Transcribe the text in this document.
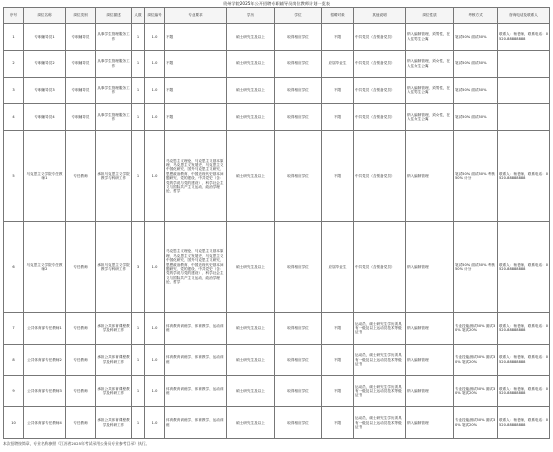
贵州学院2025年公开招聘专职辅导员岗位教师计划一览表
序号	岗位名称	岗位类别	岗位描述	人数	岗位编号	专业要求	学历	学位	招聘对象	其他说明	岗位性质	考核方式	咨询电话及联系人
1	专职辅导员1	专职辅导员	从事学生管理服务工作	1	1.0	不限	硕士研究生及以上	取得相应学位	不限	中共党员（含预备党员）	纳入编制管理，须男性，在入住男生公寓	笔试50% 面试50%	联系人：杨老师，联系电话：0520-88888888
2	专职辅导员2	专职辅导员	从事学生管理服务工作	1	1.0	不限	硕士研究生及以上	取得相应学位	应届毕业生	中共党员（含预备党员）	纳入编制管理，须女性，在入住女生公寓	笔试50% 面试50%	
3	专职辅导员3	专职辅导员	从事学生管理服务工作	1	1.0	不限	硕士研究生及以上	取得相应学位	不限	中共党员（含预备党员）	纳入编制管理，须男性，在入住男生公寓	笔试50% 面试50%	
4	专职辅导员4	专职辅导员	从事学生管理服务工作	1	1.0	不限	硕士研究生及以上	取得相应学位	不限	中共党员（含预备党员）	纳入编制管理，须女性，在入住女生公寓	笔试50% 面试50%	
5	马克思主义学院专任教师1	专任教师	承担马克思主义学院教学与科研工作	1	1.0	马克思主义理论、马克思主义基本原理、马克思主义发展史、马克思主义中国化研究、国外马克思主义研究、思想政治教育、中国近现代史基本问题研究、党的建设、中共党史（含：党的学说与党的建设）、科学社会主义与国际共产主义运动、政治学理论、哲学	硕士研究生及以上	取得相应学位	不限	中共党员（含预备党员）	纳入编制管理	笔试50% 面试50% 考核50% 计分	联系人：杨老师，联系电话：0520-88888888
6	马克思主义学院专任教师2	专任教师	承担马克思主义学院教学与科研工作	3	1.0	马克思主义理论、马克思主义基本原理、马克思主义发展史、马克思主义中国化研究、国外马克思主义研究、思想政治教育、中国近现代史基本问题研究、党的建设、中共党史（含：党的学说与党的建设）、科学社会主义与国际共产主义运动、政治学理论、哲学	硕士研究生及以上	取得相应学位	应届毕业生	中共党员（含预备党员）	纳入编制管理	笔试50% 面试50% 考核50% 计分	联系人：杨老师，联系电话：0520-88888888
7	公共体育部专任教师1	专任教师	承担公共体育课程教学及科研工作	1	1.0	体育教育训练学、体育教学、运动训练	硕士研究生及以上	取得相应学位	不限	运动员，硕士研究生学历须具有一级及以上运动员技术等级证书	纳入编制管理	专业技能测试50% 面试30% 笔试20%	联系人：杨老师，联系电话：0520-88888888
8	公共体育部专任教师2	专任教师	承担公共体育课程教学及科研工作	1	1.0	体育教育训练学、体育教学、运动训练	硕士研究生及以上	取得相应学位	不限	运动员，硕士研究生学历须具有一级及以上运动员技术等级证书	纳入编制管理	专业技能测试50% 面试30% 笔试20%	联系人：杨老师，联系电话：0520-88888888
9	公共体育部专任教师3	专任教师	承担公共体育课程教学及科研工作	1	1.0	体育教育训练学、体育教学、运动训练	硕士研究生及以上	取得相应学位	不限	运动员，硕士研究生学历须具有一级及以上运动员技术等级证书	纳入编制管理	专业技能测试50% 面试30% 笔试20%	联系人：杨老师，联系电话：0520-88888888
10	公共体育部专任教师4	专任教师	承担公共体育课程教学及科研工作	1	1.0	体育教育训练学、体育教学、运动训练	硕士研究生及以上	取得相应学位	不限	运动员，硕士研究生学历须具有一级及以上运动员技术等级证书	纳入编制管理	专业技能测试50% 面试30% 笔试20%	联系人：杨老师，联系电话：0520-88888888
本次招聘按简章，专业名称参照《江苏省2025年考试录用公务员专业参考目录》执行。
